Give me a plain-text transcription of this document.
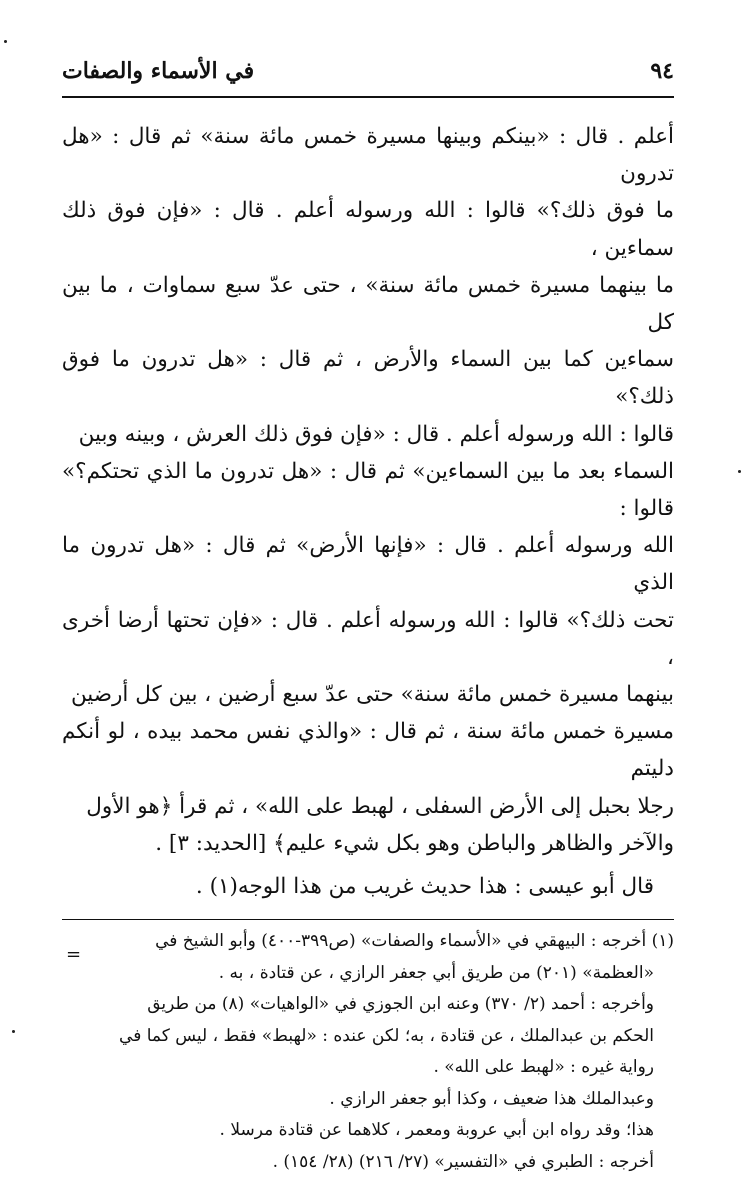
٩٤
في الأسماء والصفات
أعلم . قال : «بينكم وبينها مسيرة خمس مائة سنة» ثم قال : «هل تدرون
ما فوق ذلك؟» قالوا : الله ورسوله أعلم . قال : «فإن فوق ذلك سماءين ،
ما بينهما مسيرة خمس مائة سنة» ، حتى عدّ سبع سماوات ، ما بين كل
سماءين كما بين السماء والأرض ، ثم قال : «هل تدرون ما فوق ذلك؟»
قالوا : الله ورسوله أعلم . قال : «فإن فوق ذلك العرش ، وبينه وبين
السماء بعد ما بين السماءين» ثم قال : «هل تدرون ما الذي تحتكم؟» قالوا :
الله ورسوله أعلم . قال : «فإنها الأرض» ثم قال : «هل تدرون ما الذي
تحت ذلك؟» قالوا : الله ورسوله أعلم . قال : «فإن تحتها أرضا أخرى ،
بينهما مسيرة خمس مائة سنة» حتى عدّ سبع أرضين ، بين كل أرضين
مسيرة خمس مائة سنة ، ثم قال : «والذي نفس محمد بيده ، لو أنكم دليتم
رجلا بحبل إلى الأرض السفلى ، لهبط على الله» ، ثم قرأ ﴿هو الأول
والآخر والظاهر والباطن وهو بكل شيء عليم﴾ [الحديد: ٣] .
قال أبو عيسى : هذا حديث غريب من هذا الوجه(١) .

(١) أخرجه : البيهقي في «الأسماء والصفات» (ص٣٩٩-٤٠٠) وأبو الشيخ في

«العظمة» (٢٠١) من طريق أبي جعفر الرازي ، عن قتادة ، به .

وأخرجه : أحمد (٢/ ٣٧٠) وعنه ابن الجوزي في «الواهيات» (٨) من طريق

الحكم بن عبدالملك ، عن قتادة ، به؛ لكن عنده : «لهبط» فقط ، ليس كما في

رواية غيره : «لهبط على الله» .

وعبدالملك هذا ضعيف ، وكذا أبو جعفر الرازي .

هذا؛ وقد رواه ابن أبي عروبة ومعمر ، كلاهما عن قتادة مرسلا .

أخرجه : الطبري في «التفسير» (٢٧/ ٢١٦) (٢٨/ ١٥٤) .

=
